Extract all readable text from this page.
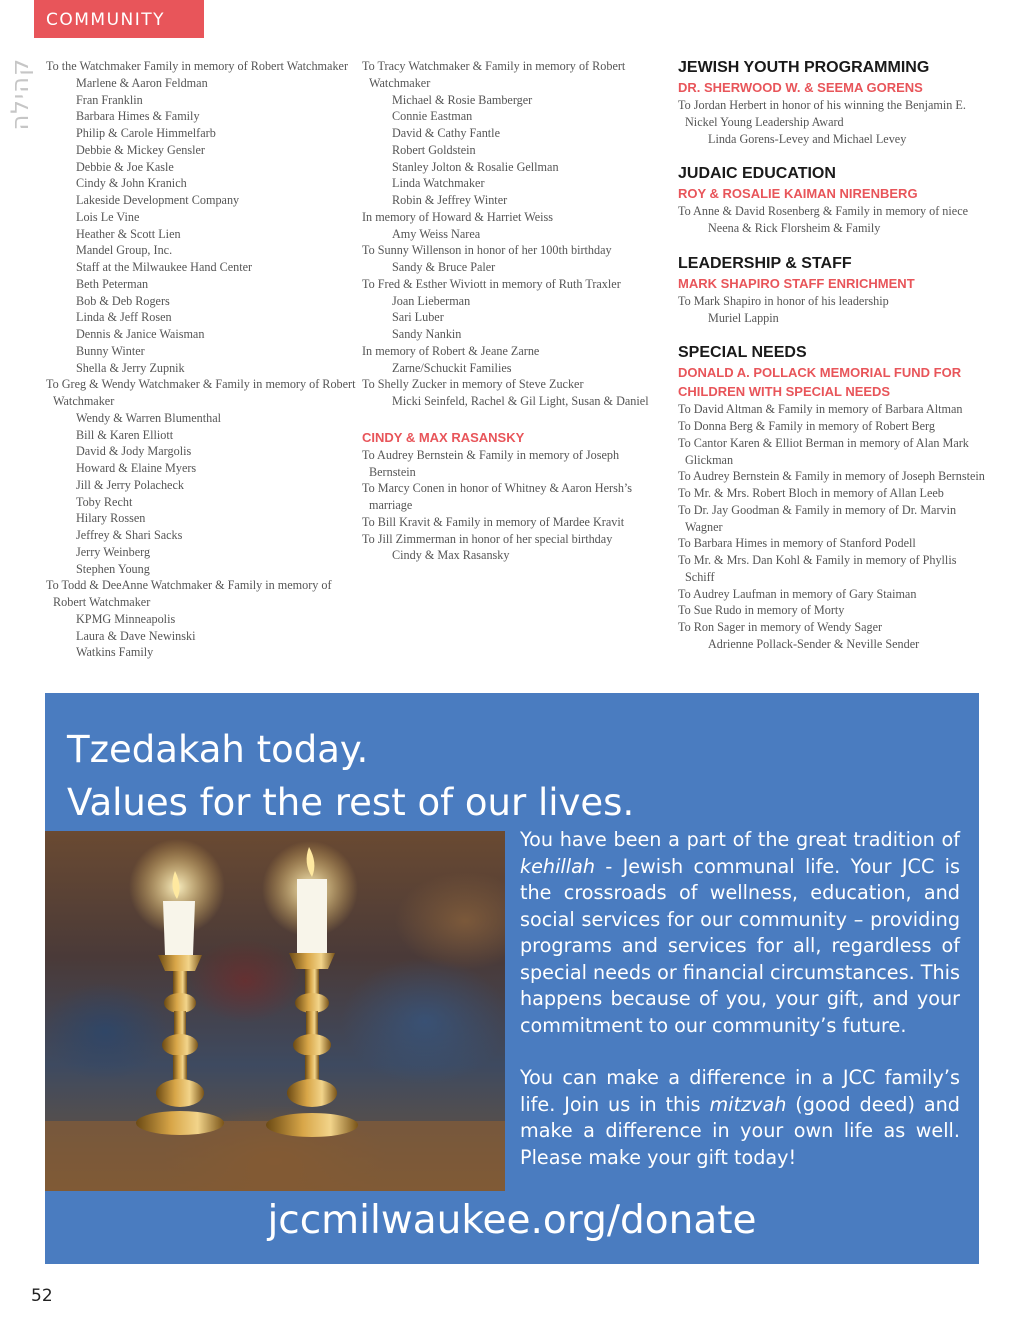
COMMUNITY
קהילה To the Watchmaker Family in memory of Robert Watchmaker
Marlene & Aaron Feldman
Fran Franklin
Barbara Himes & Family
Philip & Carole Himmelfarb
Debbie & Mickey Gensler
Debbie & Joe Kasle
Cindy & John Kranich
Lakeside Development Company
Lois Le Vine
Heather & Scott Lien
Mandel Group, Inc.
Staff at the Milwaukee Hand Center
Beth Peterman
Bob & Deb Rogers
Linda & Jeff Rosen
Dennis & Janice Waisman
Bunny Winter
Shella & Jerry Zupnik
To Greg & Wendy Watchmaker & Family in memory of Robert Watchmaker
Wendy & Warren Blumenthal
Bill & Karen Elliott
David & Jody Margolis
Howard & Elaine Myers
Jill & Jerry Polacheck
Toby Recht
Hilary Rossen
Jeffrey & Shari Sacks
Jerry Weinberg
Stephen Young
To Todd & DeeAnne Watchmaker & Family in memory of Robert Watchmaker
KPMG Minneapolis
Laura & Dave Newinski
Watkins Family
To Tracy Watchmaker & Family in memory of Robert Watchmaker
Michael & Rosie Bamberger
Connie Eastman
David & Cathy Fantle
Robert Goldstein
Stanley Jolton & Rosalie Gellman
Linda Watchmaker
Robin & Jeffrey Winter
In memory of Howard & Harriet Weiss
Amy Weiss Narea
To Sunny Willenson in honor of her 100th birthday
Sandy & Bruce Paler
To Fred & Esther Wiviott in memory of Ruth Traxler
Joan Lieberman
Sari Luber
Sandy Nankin
In memory of Robert & Jeane Zarne
Zarne/Schuckit Families
To Shelly Zucker in memory of Steve Zucker
Micki Seinfeld, Rachel & Gil Light, Susan & Daniel
CINDY & MAX RASANSKY
To Audrey Bernstein & Family in memory of Joseph Bernstein
To Marcy Conen in honor of Whitney & Aaron Hersh’s marriage
To Bill Kravit & Family in memory of Mardee Kravit
To Jill Zimmerman in honor of her special birthday
Cindy & Max Rasansky
JEWISH YOUTH PROGRAMMING
DR. SHERWOOD W. & SEEMA GORENS
To Jordan Herbert in honor of his winning the Benjamin E. Nickel Young Leadership Award
Linda Gorens-Levey and Michael Levey
JUDAIC EDUCATION
ROY & ROSALIE KAIMAN NIRENBERG
To Anne & David Rosenberg & Family in memory of niece
Neena & Rick Florsheim & Family
LEADERSHIP & STAFF
MARK SHAPIRO STAFF ENRICHMENT
To Mark Shapiro in honor of his leadership
Muriel Lappin
SPECIAL NEEDS
DONALD A. POLLACK MEMORIAL FUND FOR CHILDREN WITH SPECIAL NEEDS
To David Altman & Family in memory of Barbara Altman
To Donna Berg & Family in memory of Robert Berg
To Cantor Karen & Elliot Berman in memory of Alan Mark Glickman
To Audrey Bernstein & Family in memory of Joseph Bernstein
To Mr. & Mrs. Robert Bloch in memory of Allan Leeb
To Dr. Jay Goodman & Family in memory of Dr. Marvin Wagner
To Barbara Himes in memory of Stanford Podell
To Mr. & Mrs. Dan Kohl & Family in memory of Phyllis Schiff
To Audrey Laufman in memory of Gary Staiman
To Sue Rudo in memory of Morty
To Ron Sager in memory of Wendy Sager
Adrienne Pollack-Sender & Neville Sender
Tzedakah today.
Values for the rest of our lives.

You have been a part of the great tradition of kehillah - Jewish communal life. Your JCC is the crossroads of wellness, education, and social services for our community – providing programs and services for all, regardless of special needs or financial circumstances. This happens because of you, your gift, and your commitment to our community’s future.

You can make a difference in a JCC family’s life. Join us in this mitzvah (good deed) and make a difference in your own life as well. Please make your gift today!

jccmilwaukee.org/donate
52
